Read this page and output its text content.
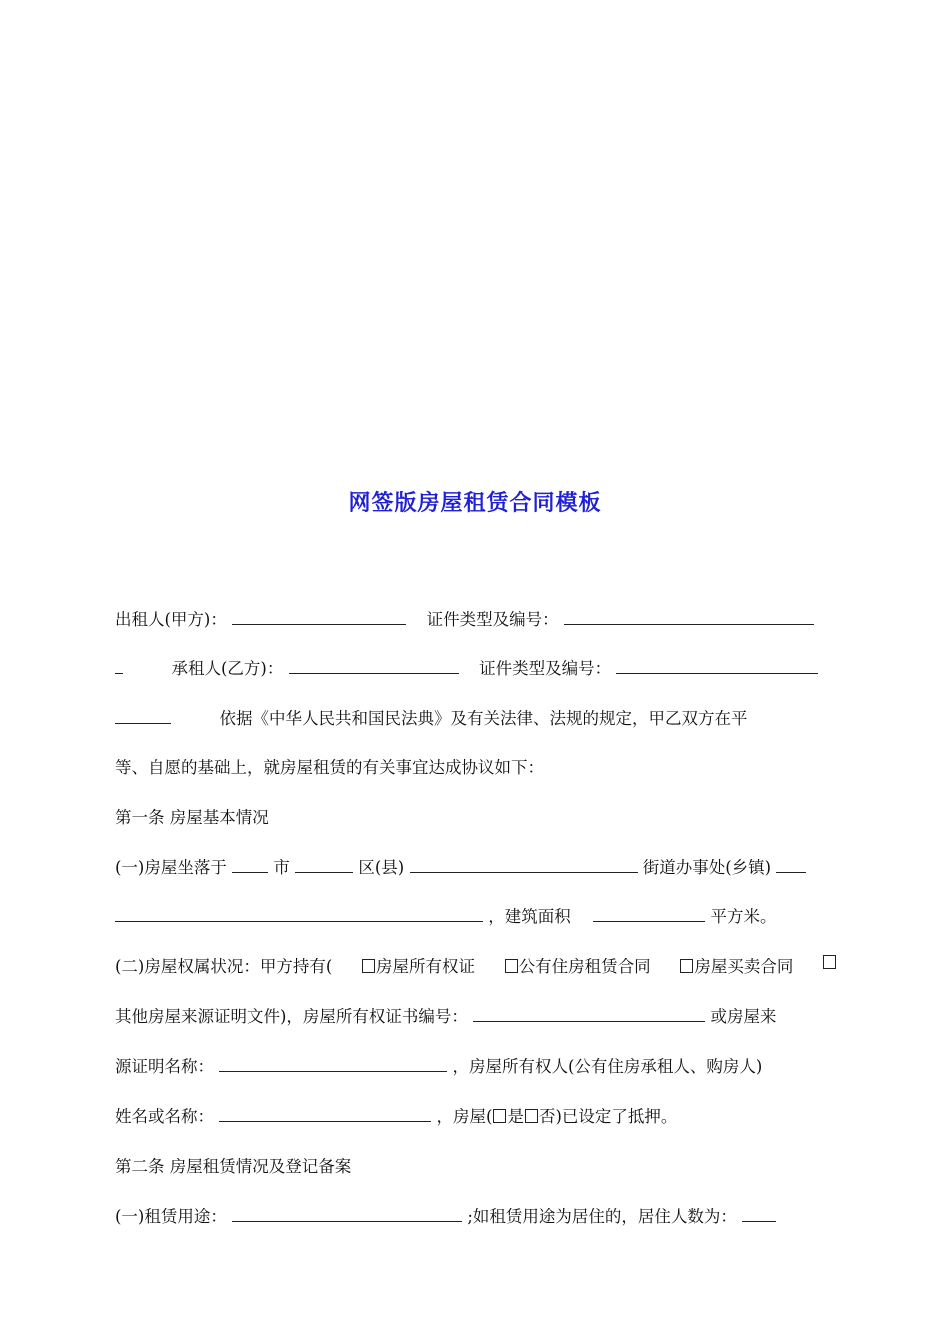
网签版房屋租赁合同模板
出租人(甲方)：	证件类型及编号：
承租人(乙方)：	证件类型及编号：
依据《中华人民共和国民法典》及有关法律、法规的规定，甲乙双方在平
等、自愿的基础上，就房屋租赁的有关事宜达成协议如下：
第一条 房屋基本情况
(一)房屋坐落于	市	区(县)	街道办事处(乡镇)
，建筑面积	平方米。
(二)房屋权属状况：甲方持有(	房屋所有权证	公有住房租赁合同	房屋买卖合同
其他房屋来源证明文件)，房屋所有权证书编号：	或房屋来
源证明名称：	，房屋所有权人(公有住房承租人、购房人)
姓名或名称：	，房屋( 是 否)已设定了抵押。
第二条 房屋租赁情况及登记备案
(一)租赁用途：	;如租赁用途为居住的，居住人数为：
